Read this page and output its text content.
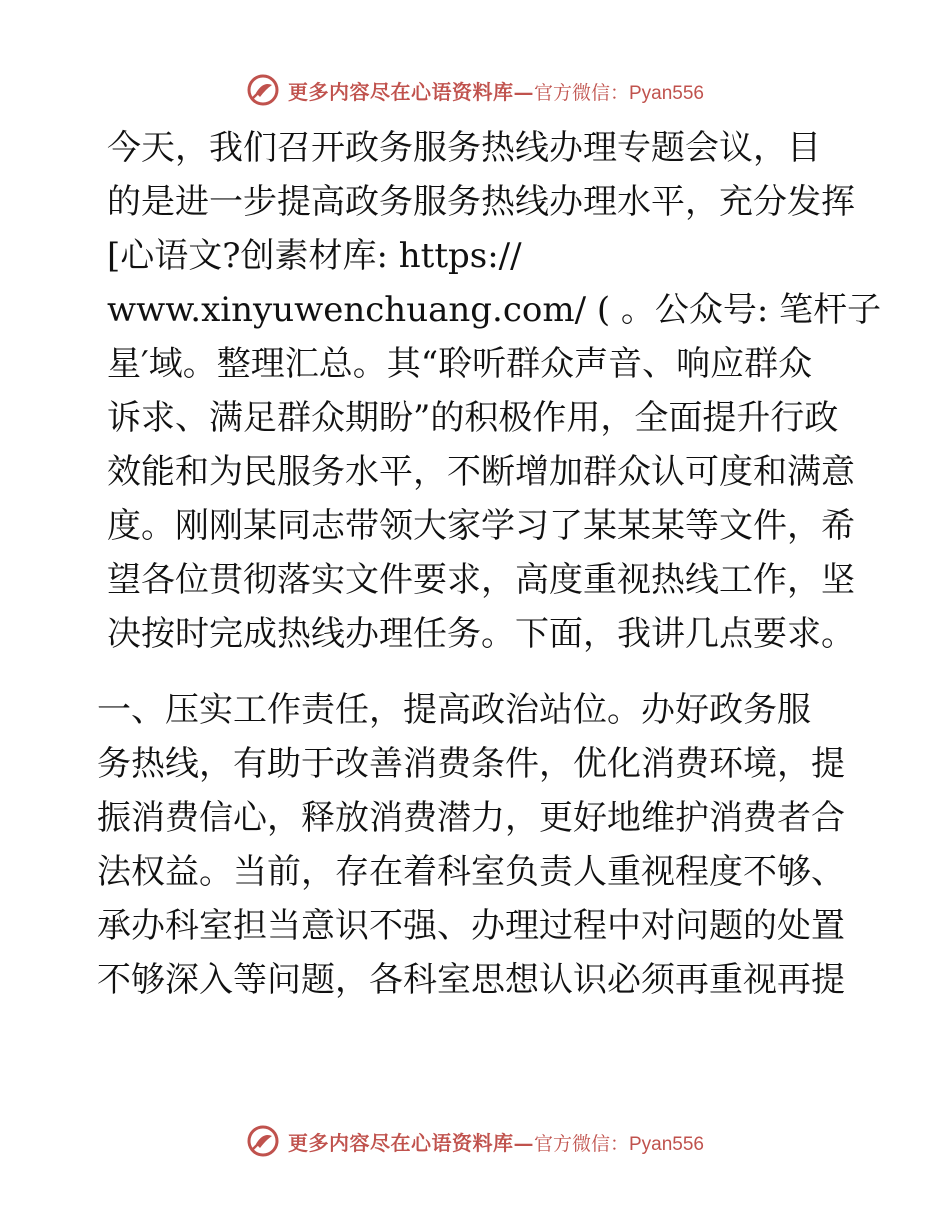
更多内容尽在心语资料库— 官方微信：Pyan556

今天，我们召开政务服务热线办理专题会议，目
的是进一步提高政务服务热线办理水平，充分发挥
[心语文?创素材库: https://
www.xinyuwenchuang.com/ ( 。公众号: 笔杆子
星′域。整理汇总。其“聆听群众声音、响应群众
诉求、满足群众期盼”的积极作用，全面提升行政
效能和为民服务水平，不断增加群众认可度和满意
度。刚刚某同志带领大家学习了某某某等文件，希
望各位贯彻落实文件要求，高度重视热线工作，坚
决按时完成热线办理任务。下面，我讲几点要求。

一、压实工作责任，提高政治站位。办好政务服
务热线，有助于改善消费条件，优化消费环境，提
振消费信心，释放消费潜力，更好地维护消费者合
法权益。当前，存在着科室负责人重视程度不够、
承办科室担当意识不强、办理过程中对问题的处置
不够深入等问题，各科室思想认识必须再重视再提

更多内容尽在心语资料库— 官方微信：Pyan556
